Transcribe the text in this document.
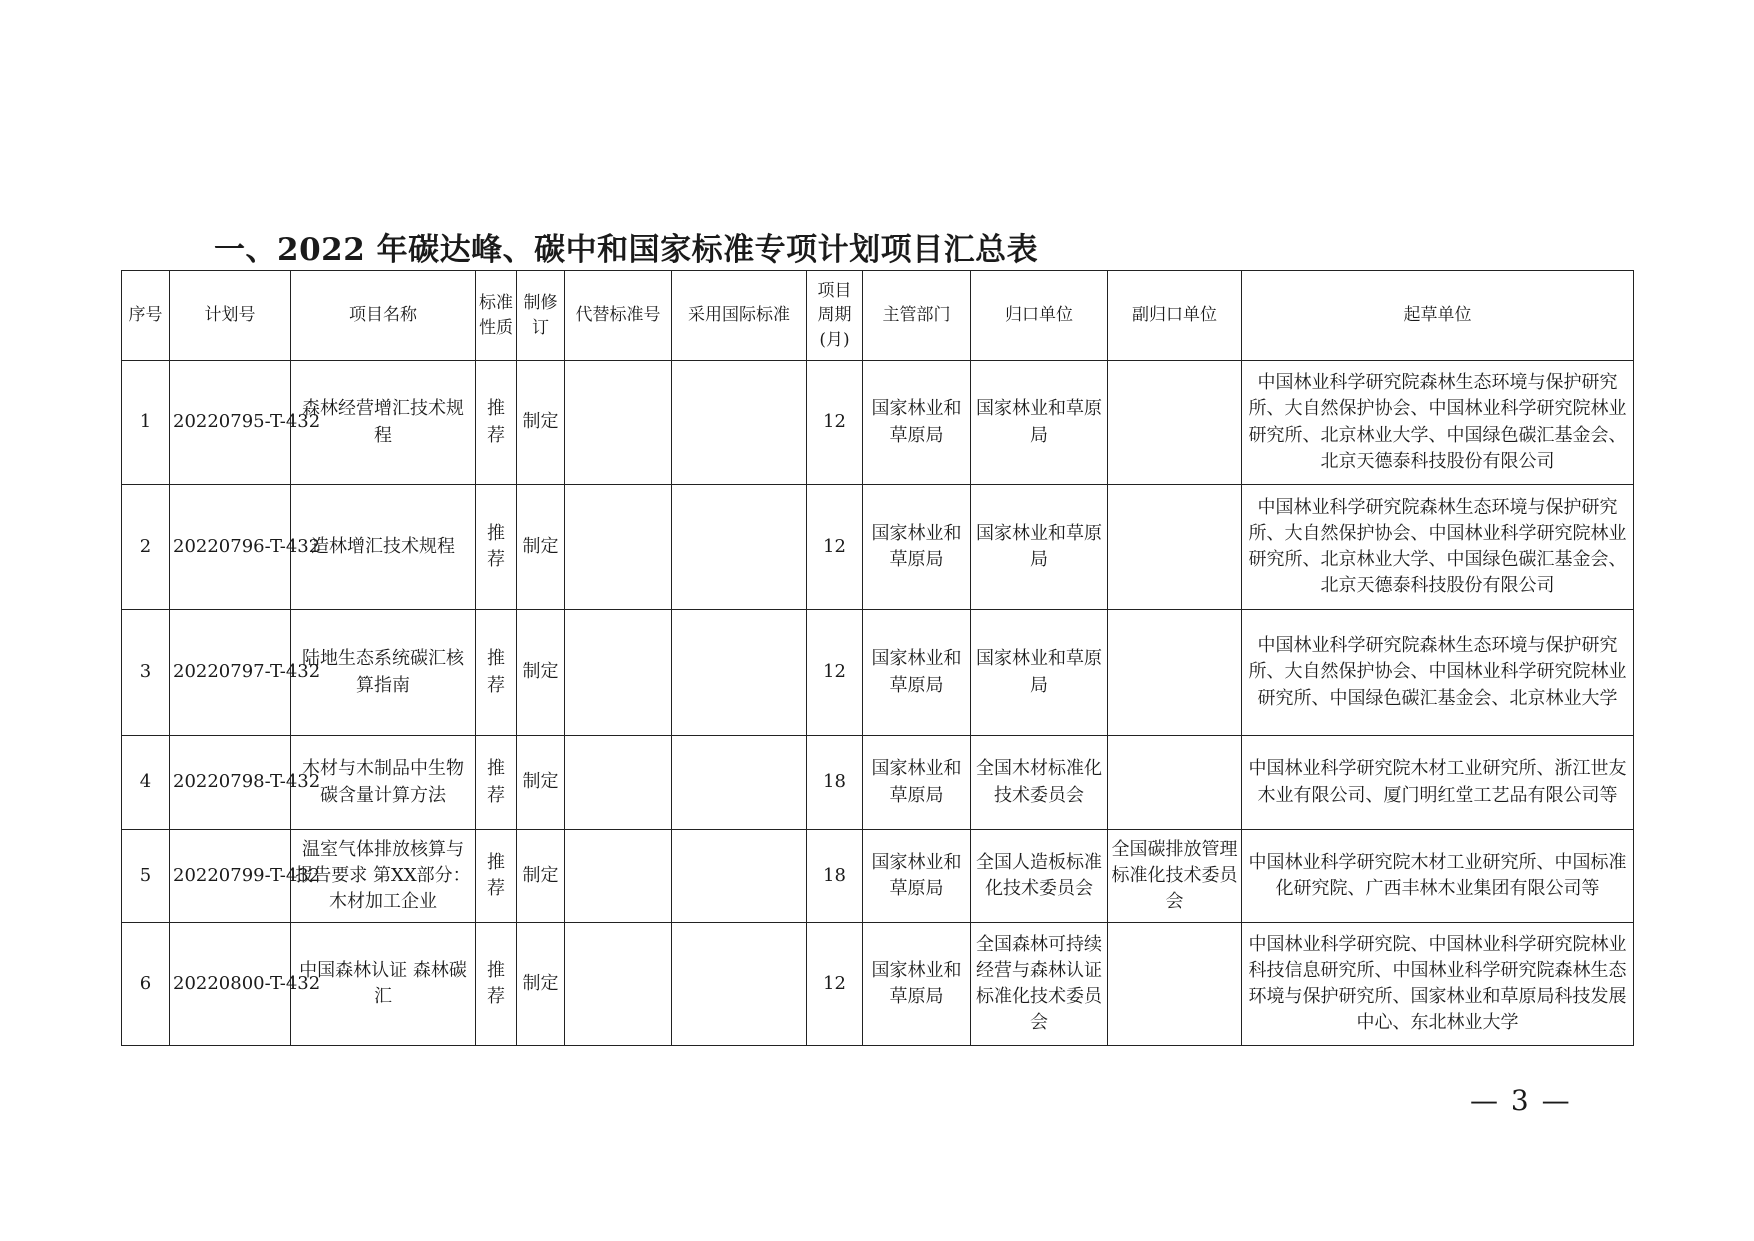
一、2022 年碳达峰、碳中和国家标准专项计划项目汇总表
序号	计划号	项目名称	标准性质	制修订	代替标准号	采用国际标准	项目周期(月)	主管部门	归口单位	副归口单位	起草单位
1	20220795-T-432	森林经营增汇技术规程	推荐	制定			12	国家林业和草原局	国家林业和草原局		中国林业科学研究院森林生态环境与保护研究所、大自然保护协会、中国林业科学研究院林业研究所、北京林业大学、中国绿色碳汇基金会、北京天德泰科技股份有限公司
2	20220796-T-432	造林增汇技术规程	推荐	制定			12	国家林业和草原局	国家林业和草原局		中国林业科学研究院森林生态环境与保护研究所、大自然保护协会、中国林业科学研究院林业研究所、北京林业大学、中国绿色碳汇基金会、北京天德泰科技股份有限公司
3	20220797-T-432	陆地生态系统碳汇核算指南	推荐	制定			12	国家林业和草原局	国家林业和草原局		中国林业科学研究院森林生态环境与保护研究所、大自然保护协会、中国林业科学研究院林业研究所、中国绿色碳汇基金会、北京林业大学
4	20220798-T-432	木材与木制品中生物碳含量计算方法	推荐	制定			18	国家林业和草原局	全国木材标准化技术委员会		中国林业科学研究院木材工业研究所、浙江世友木业有限公司、厦门明红堂工艺品有限公司等
5	20220799-T-432	温室气体排放核算与报告要求 第XX部分：木材加工企业	推荐	制定			18	国家林业和草原局	全国人造板标准化技术委员会	全国碳排放管理标准化技术委员会	中国林业科学研究院木材工业研究所、中国标准化研究院、广西丰林木业集团有限公司等
6	20220800-T-432	中国森林认证 森林碳汇	推荐	制定			12	国家林业和草原局	全国森林可持续经营与森林认证标准化技术委员会		中国林业科学研究院、中国林业科学研究院林业科技信息研究所、中国林业科学研究院森林生态环境与保护研究所、国家林业和草原局科技发展中心、东北林业大学
— 3 —
